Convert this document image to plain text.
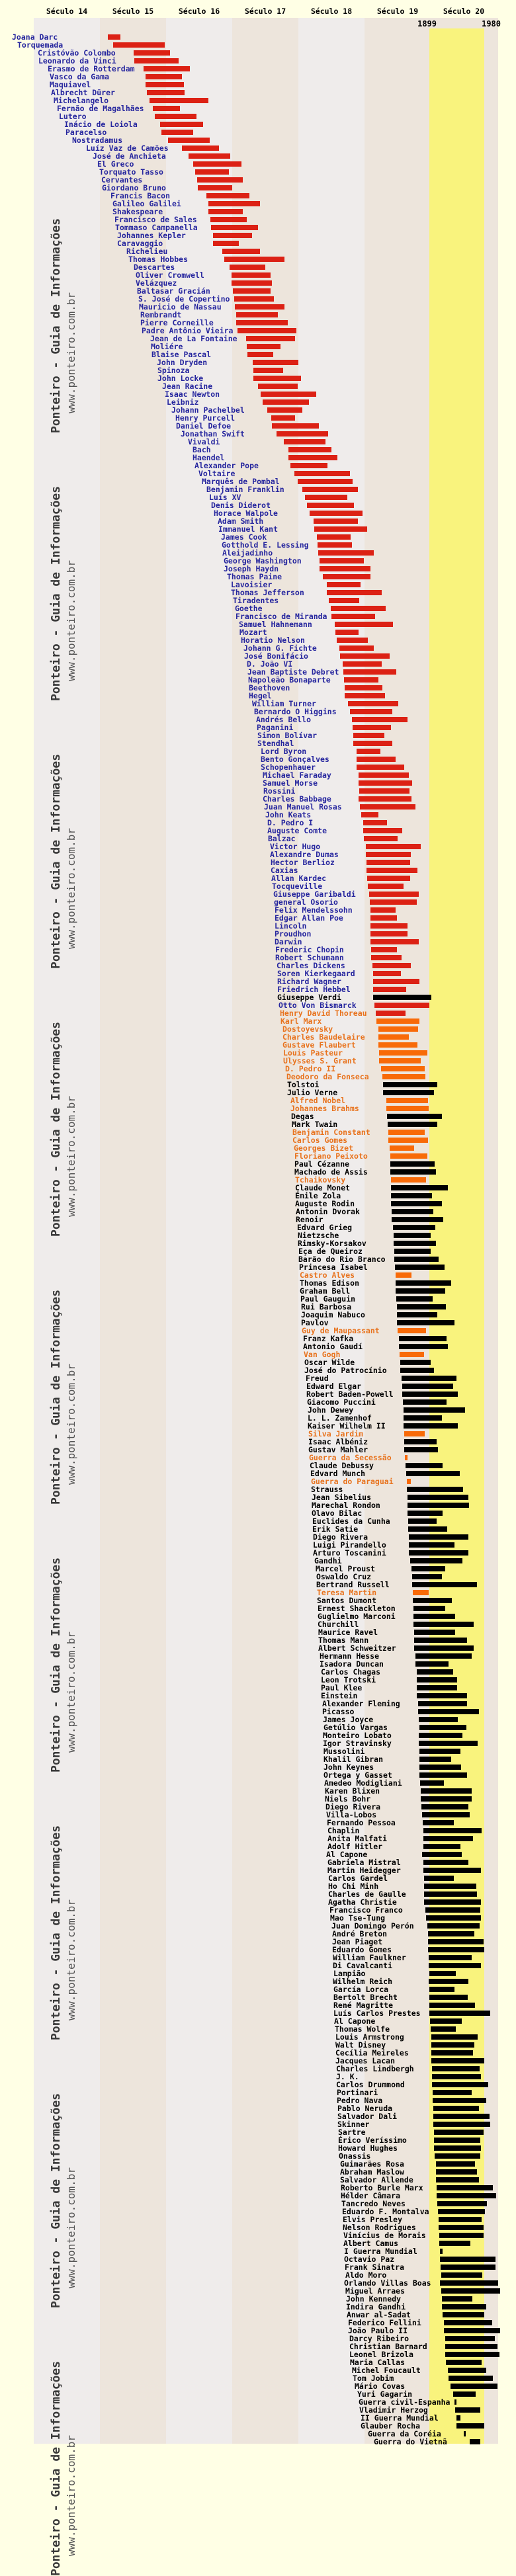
1899	1980
Século 14	Século 15	Século 16	Século 17	Século 18	Século 19	Século 20
Joana Darc
Torquemada
Cristóvão Colombo
Leonardo da Vinci
Erasmo de Rotterdam
Vasco da Gama
Maquiavel
Albrecht Dürer
Michelangelo
Fernão de Magalhães
Lutero
Inácio de Loiola
Paracelso
Nostradamus
Luíz Vaz de Camões
José de Anchieta
El Greco
Torquato Tasso
Cervantes
Giordano Bruno
Francis Bacon
Galileo Galilei
Shakespeare
Francisco de Sales
Tommaso Campanella
Johannes Kepler
Caravaggio
Richelieu
Thomas Hobbes
Descartes
Oliver Cromwell
Velázquez
Baltasar Gracián
S. José de Copertino
Mauricio de Nassau
Rembrandt
Pierre Corneille
Padre Antônio Vieira
Jean de La Fontaine
Moliére
Blaise Pascal
John Dryden
Spinoza
John Locke
Jean Racine
Isaac Newton
Leibniz
Johann Pachelbel
Henry Purcell
Daniel Defoe
Jonathan Swift
Vivaldi
Bach
Haendel
Alexander Pope
Voltaire
Marquês de Pombal
Benjamin Franklin
Luís XV
Denis Diderot
Horace Walpole
Adam Smith
Immanuel Kant
James Cook
Gotthold E. Lessing
Aleijadinho
George Washington
Joseph Haydn
Thomas Paine
Lavoisier
Thomas Jefferson
Tiradentes
Goethe
Francisco de Miranda
Samuel Hahnemann
Mozart
Horatio Nelson
Johann G. Fichte
José Bonifácio
D. João VI
Jean Baptiste Debret
Napoleão Bonaparte
Beethoven
Hegel
William Turner
Bernardo O Higgins
Andrés Bello
Paganini
Simon Bolívar
Stendhal
Lord Byron
Bento Gonçalves
Schopenhauer
Michael Faraday
Samuel Morse
Rossini
Charles Babbage
Juan Manuel Rosas
John Keats
D. Pedro I
Auguste Comte
Balzac
Victor Hugo
Alexandre Dumas
Hector Berlioz
Caxias
Allan Kardec
Tocqueville
Giuseppe Garibaldi
general Osorio
Felix Mendelssohn
Edgar Allan Poe
Lincoln
Proudhon
Darwin
Frederic Chopin
Robert Schumann
Charles Dickens
Soren Kierkegaard
Richard Wagner
Friedrich Hebbel
Giuseppe Verdi
Otto Von Bismarck
Henry David Thoreau
Karl Marx
Dostoyevsky
Charles Baudelaire
Gustave Flaubert
Louis Pasteur
Ulysses S. Grant
D. Pedro II
Deodoro da Fonseca
Tolstoi
Julio Verne
Alfred Nobel
Johannes Brahms
Degas
Mark Twain
Benjamin Constant
Carlos Gomes
Georges Bizet
Floriano Peixoto
Paul Cézanne
Machado de Assis
Tchaikovsky
Claude Monet
Émile Zola
Auguste Rodin
Antonin Dvorak
Renoir
Edvard Grieg
Nietzsche
Rimsky-Korsakov
Eça de Queiroz
Barão do Rio Branco
Princesa Isabel
Castro Alves
Thomas Edison
Graham Bell
Paul Gauguin
Rui Barbosa
Joaquim Nabuco
Pavlov
Guy de Maupassant
Franz Kafka
Antonio Gaudí
Van Gogh
Oscar Wilde
José do Patrocínio
Freud
Edward Elgar
Robert Baden-Powell
Giacomo Puccini
John Dewey
L. L. Zamenhof
Kaiser Wilhelm II
Silva Jardim
Isaac Albéniz
Gustav Mahler
Guerra da Secessão
Claude Debussy
Edvard Munch
Guerra do Paraguai
Strauss
Jean Sibelius
Marechal Rondon
Olavo Bilac
Euclides da Cunha
Erik Satie
Diego Rivera
Luigi Pirandello
Arturo Toscanini
Gandhi
Marcel Proust
Oswaldo Cruz
Bertrand Russell
Teresa Martin
Santos Dumont
Ernest Shackleton
Guglielmo Marconi
Churchill
Maurice Ravel
Thomas Mann
Albert Schweitzer
Hermann Hesse
Isadora Duncan
Carlos Chagas
Leon Trotski
Paul Klee
Einstein
Alexander Fleming
Picasso
James Joyce
Getúlio Vargas
Monteiro Lobato
Igor Stravinsky
Mussolini
Khalil Gibran
John Keynes
Ortega y Gasset
Amedeo Modigliani
Karen Blixen
Niels Bohr
Diego Rivera
Villa-Lobos
Fernando Pessoa
Chaplin
Anita Malfati
Adolf Hitler
Al Capone
Gabriela Mistral
Martin Heidegger
Carlos Gardel
Ho Chi Minh
Charles de Gaulle
Agatha Christie
Francisco Franco
Mao Tse-Tung
Juan Domingo Perón
André Breton
Jean Piaget
Eduardo Gomes
William Faulkner
Di Cavalcanti
Lampião
Wilhelm Reich
García Lorca
Bertolt Brecht
René Magritte
Luís Carlos Prestes
Al Capone
Thomas Wolfe
Louis Armstrong
Walt Disney
Cecília Meireles
Jacques Lacan
Charles Lindbergh
J. K.
Carlos Drummond
Portinari
Pedro Nava
Pablo Neruda
Salvador Dali
Skinner
Sartre
Érico Veríssimo
Howard Hughes
Onassis
Guimarães Rosa
Abraham Maslow
Salvador Allende
Roberto Burle Marx
Hélder Câmara
Tancredo Neves
Eduardo F. Montalva
Elvis Presley
Nelson Rodrigues
Vinícius de Morais
Albert Camus
I Guerra Mundial
Octavio Paz
Frank Sinatra
Aldo Moro
Orlando Villas Boas
Miguel Arraes
John Kennedy
Indira Gandhi
Anwar al-Sadat
Federico Fellini
João Paulo II
Darcy Ribeiro
Christian Barnard
Leonel Brizola
Maria Callas
Michel Foucault
Tom Jobim
Mário Covas
Yuri Gagarin
Guerra civil-Espanha
Vladimir Herzog
II Guerra Mundial
Glauber Rocha
Guerra da Coréia
Guerra do Vietnã
Ponteiro - Guia de Informações www.ponteiro.com.br
Ponteiro - Guia de Informações www.ponteiro.com.br
Ponteiro - Guia de Informações www.ponteiro.com.br
Ponteiro - Guia de Informações www.ponteiro.com.br
Ponteiro - Guia de Informações www.ponteiro.com.br
Ponteiro - Guia de Informações www.ponteiro.com.br
Ponteiro - Guia de Informações www.ponteiro.com.br
Ponteiro - Guia de Informações www.ponteiro.com.br
Ponteiro - Guia de Informações www.ponteiro.com.br
